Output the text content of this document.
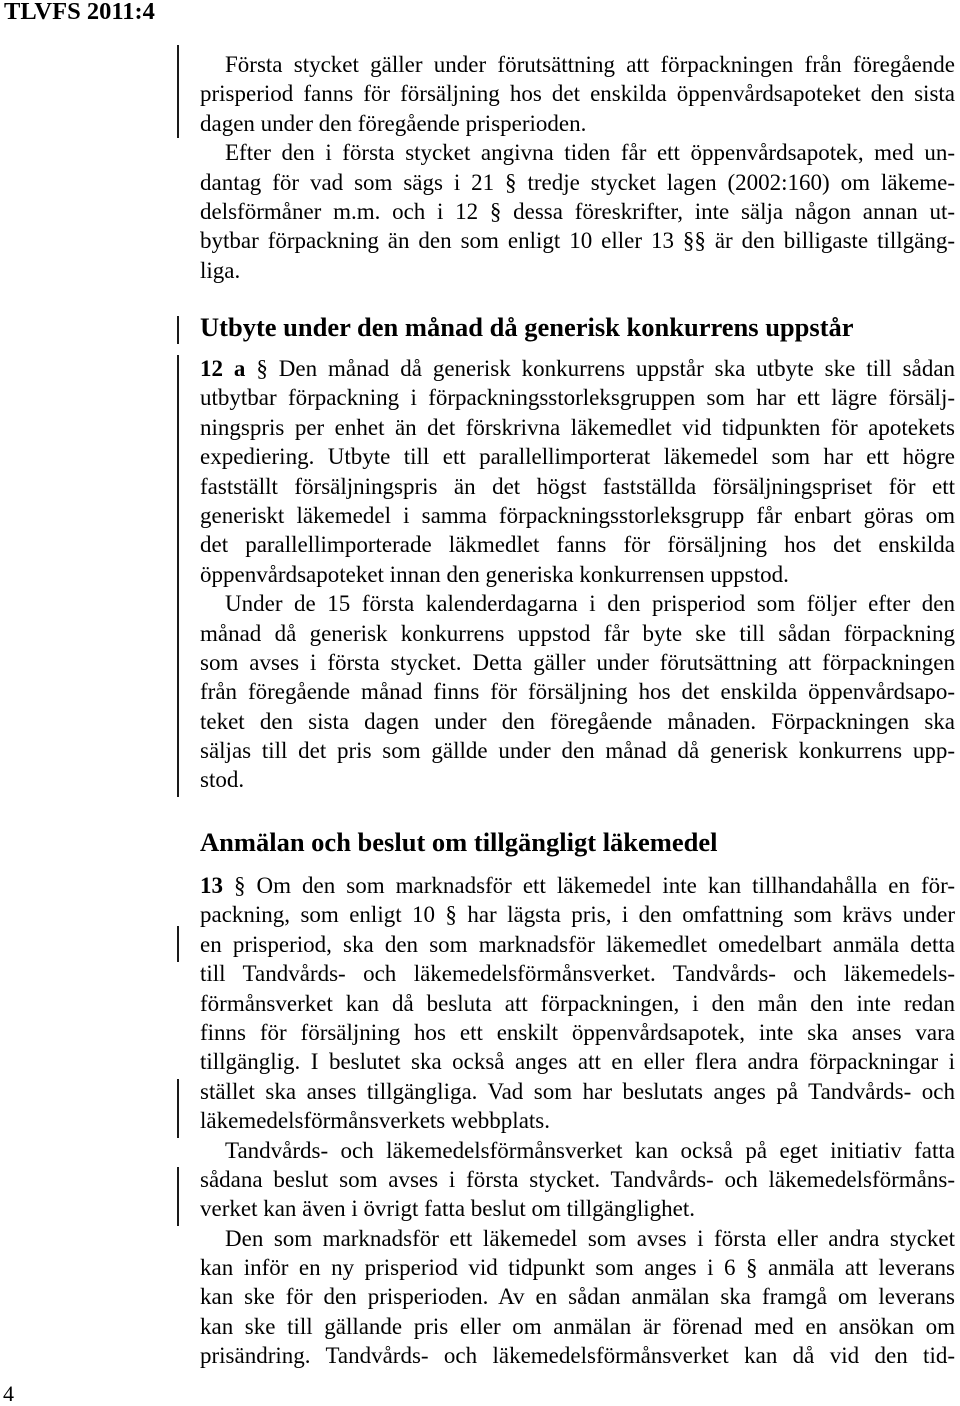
TLVFS 2011:4
Första stycket gäller under förutsättning att förpackningen från föregående
prisperiod fanns för försäljning hos det enskilda öppenvårdsapoteket den sista
dagen under den föregående prisperioden.
Efter den i första stycket angivna tiden får ett öppenvårdsapotek, med un-
dantag för vad som sägs i 21 § tredje stycket lagen (2002:160) om läkeme-
delsförmåner m.m. och i 12 § dessa föreskrifter, inte sälja någon annan ut-
bytbar förpackning än den som enligt 10 eller 13 §§ är den billigaste tillgäng-
liga.
Utbyte under den månad då generisk konkurrens uppstår
12 a § Den månad då generisk konkurrens uppstår ska utbyte ske till sådan
utbytbar förpackning i förpackningsstorleksgruppen som har ett lägre försälj-
ningspris per enhet än det förskrivna läkemedlet vid tidpunkten för apotekets
expediering. Utbyte till ett parallellimporterat läkemedel som har ett högre
fastställt försäljningspris än det högst fastställda försäljningspriset för ett
generiskt läkemedel i samma förpackningsstorleksgrupp får enbart göras om
det parallellimporterade läkmedlet fanns för försäljning hos det enskilda
öppenvårdsapoteket innan den generiska konkurrensen uppstod.
Under de 15 första kalenderdagarna i den prisperiod som följer efter den
månad då generisk konkurrens uppstod får byte ske till sådan förpackning
som avses i första stycket. Detta gäller under förutsättning att förpackningen
från föregående månad finns för försäljning hos det enskilda öppenvårdsapo-
teket den sista dagen under den föregående månaden. Förpackningen ska
säljas till det pris som gällde under den månad då generisk konkurrens upp-
stod.
Anmälan och beslut om tillgängligt läkemedel
13 § Om den som marknadsför ett läkemedel inte kan tillhandahålla en för-
packning, som enligt 10 § har lägsta pris, i den omfattning som krävs under
en prisperiod, ska den som marknadsför läkemedlet omedelbart anmäla detta
till Tandvårds- och läkemedelsförmånsverket. Tandvårds- och läkemedels-
förmånsverket kan då besluta att förpackningen, i den mån den inte redan
finns för försäljning hos ett enskilt öppenvårdsapotek, inte ska anses vara
tillgänglig. I beslutet ska också anges att en eller flera andra förpackningar i
stället ska anses tillgängliga. Vad som har beslutats anges på Tandvårds- och
läkemedelsförmånsverkets webbplats.
Tandvårds- och läkemedelsförmånsverket kan också på eget initiativ fatta
sådana beslut som avses i första stycket. Tandvårds- och läkemedelsförmåns-
verket kan även i övrigt fatta beslut om tillgänglighet.
Den som marknadsför ett läkemedel som avses i första eller andra stycket
kan inför en ny prisperiod vid tidpunkt som anges i 6 § anmäla att leverans
kan ske för den prisperioden. Av en sådan anmälan ska framgå om leverans
kan ske till gällande pris eller om anmälan är förenad med en ansökan om
prisändring. Tandvårds- och läkemedelsförmånsverket kan då vid den tid-
4
